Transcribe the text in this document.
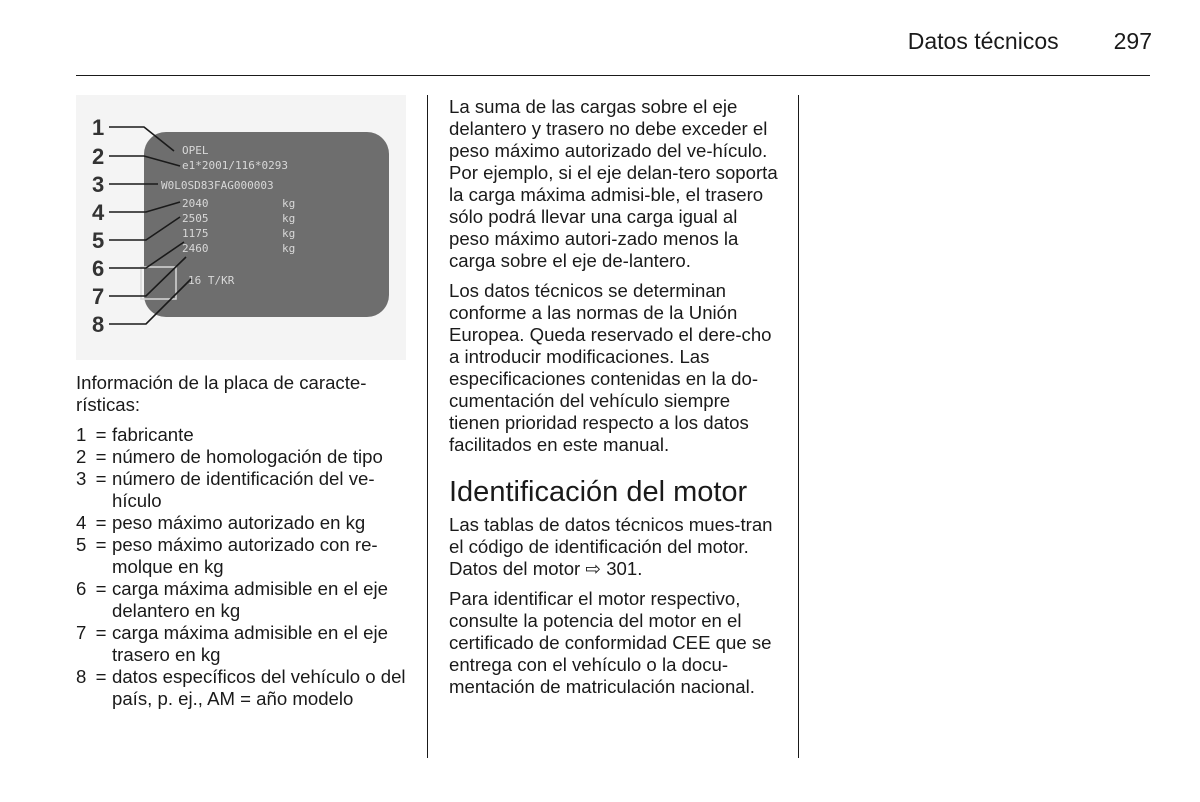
Datos técnicos 297
OPEL
e1*2001/116*0293
W0L0SD83FAG000003
2040
2505
1175
2460
16 T/KR
kg
kg
kg
kg
1
2
3
4
5
6
7
8

Información de la placa de caracte-rísticas:

1 = fabricante
2 = número de homologación de tipo
3 = número de identificación del ve-hículo
4 = peso máximo autorizado en kg
5 = peso máximo autorizado con re-molque en kg
6 = carga máxima admisible en el eje delantero en kg
7 = carga máxima admisible en el eje trasero en kg
8 = datos específicos del vehículo o del país, p. ej., AM = año modelo

La suma de las cargas sobre el eje delantero y trasero no debe exceder el peso máximo autorizado del ve-hículo. Por ejemplo, si el eje delan-tero soporta la carga máxima admisi-ble, el trasero sólo podrá llevar una carga igual al peso máximo autori-zado menos la carga sobre el eje de-lantero.

Los datos técnicos se determinan conforme a las normas de la Unión Europea. Queda reservado el dere-cho a introducir modificaciones. Las especificaciones contenidas en la do-cumentación del vehículo siempre tienen prioridad respecto a los datos facilitados en este manual.

Identificación del motor

Las tablas de datos técnicos mues-tran el código de identificación del motor. Datos del motor ⇨ 301.

Para identificar el motor respectivo, consulte la potencia del motor en el certificado de conformidad CEE que se entrega con el vehículo o la docu-mentación de matriculación nacional.
